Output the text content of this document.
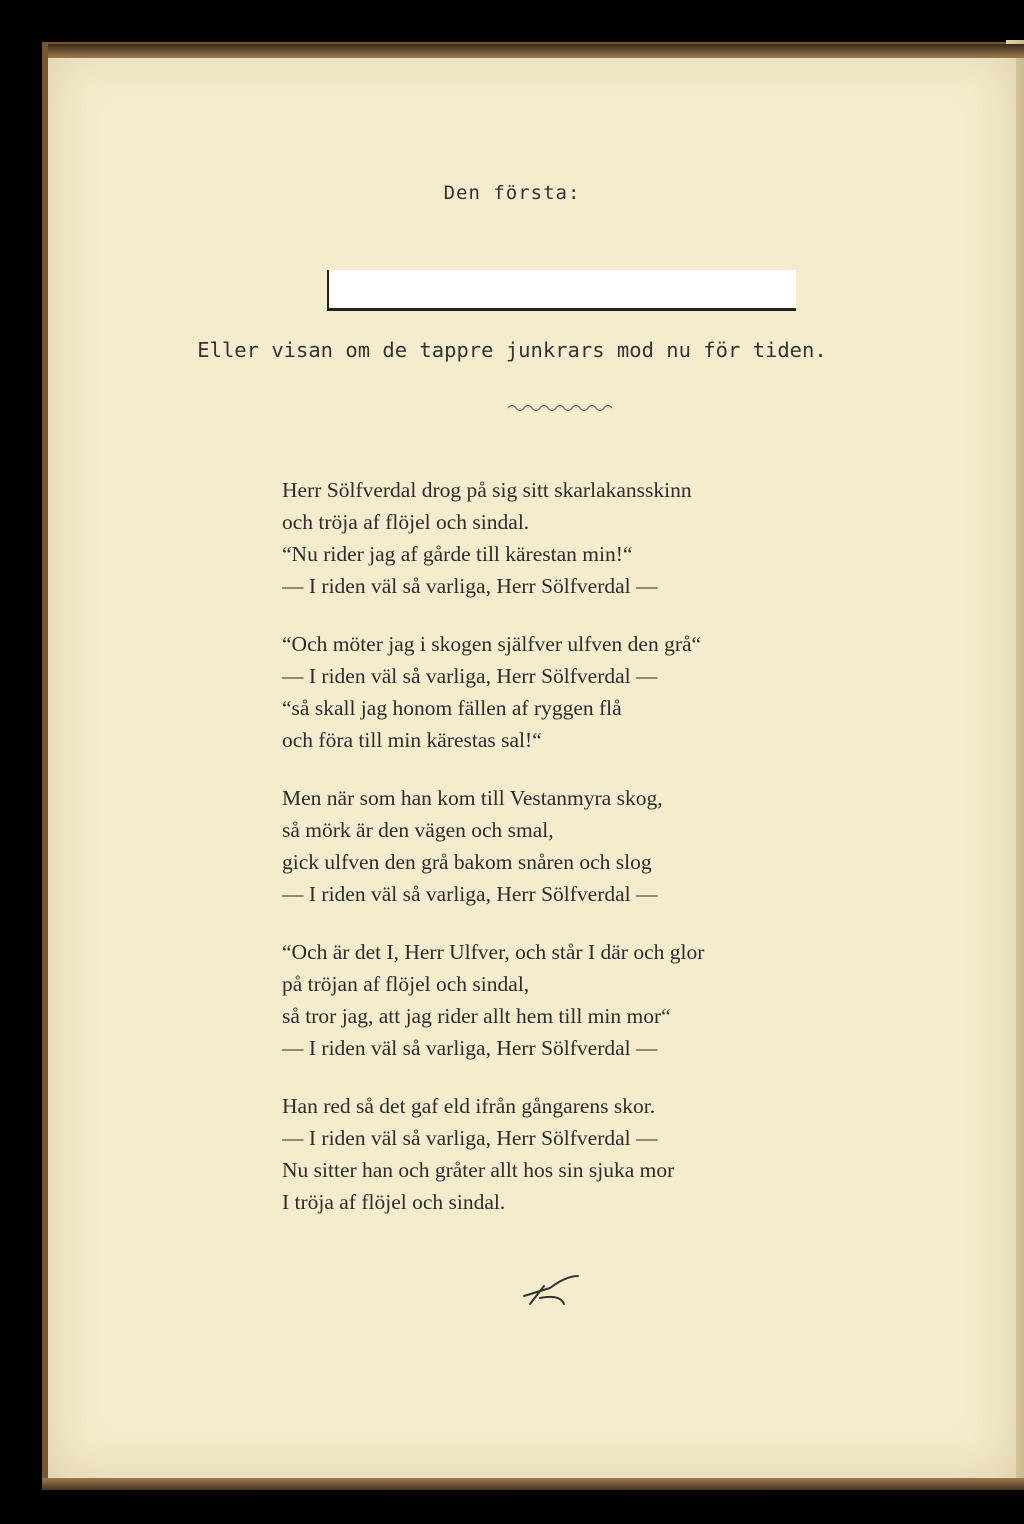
Den första:
Eller visan om de tappre junkrars mod nu för tiden.
Herr Sölfverdal drog på sig sitt skarlakansskinn
och tröja af flöjel och sindal.
“Nu rider jag af gårde till kärestan min!“
— I riden väl så varliga, Herr Sölfverdal —
“Och möter jag i skogen själfver ulfven den grå“
— I riden väl så varliga, Herr Sölfverdal —
“så skall jag honom fällen af ryggen flå
och föra till min kärestas sal!“
Men när som han kom till Vestanmyra skog,
så mörk är den vägen och smal,
gick ulfven den grå bakom snåren och slog
— I riden väl så varliga, Herr Sölfverdal —
“Och är det I, Herr Ulfver, och står I där och glor
på tröjan af flöjel och sindal,
så tror jag, att jag rider allt hem till min mor“
— I riden väl så varliga, Herr Sölfverdal —
Han red så det gaf eld ifrån gångarens skor.
— I riden väl så varliga, Herr Sölfverdal —
Nu sitter han och gråter allt hos sin sjuka mor
I tröja af flöjel och sindal.
